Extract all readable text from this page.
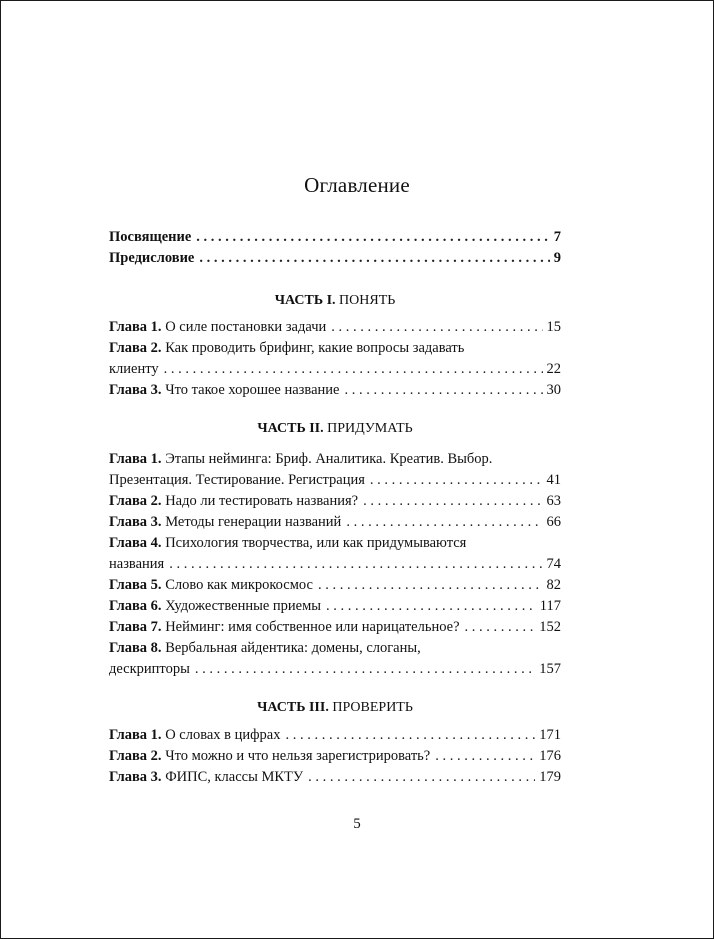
Оглавление
Посвящение . . .	7
Предисловие . . .	9
ЧАСТЬ I. ПОНЯТЬ
Глава 1. О силе постановки задачи . . .	15
Глава 2. Как проводить брифинг, какие вопросы задавать
клиенту . . .	22
Глава 3. Что такое хорошее название . . .	30
ЧАСТЬ II. ПРИДУМАТЬ
Глава 1. Этапы нейминга: Бриф. Аналитика. Креатив. Выбор.
Презентация. Тестирование. Регистрация . . .	41
Глава 2. Надо ли тестировать названия? . . .	63
Глава 3. Методы генерации названий . . .	66
Глава 4. Психология творчества, или как придумываются
названия . . .	74
Глава 5. Слово как микрокосмос . . .	82
Глава 6. Художественные приемы . . .	117
Глава 7. Нейминг: имя собственное или нарицательное? . . .	152
Глава 8. Вербальная айдентика: домены, слоганы,
дескрипторы . . .	157
ЧАСТЬ III. ПРОВЕРИТЬ
Глава 1. О словах в цифрах . . .	171
Глава 2. Что можно и что нельзя зарегистрировать? . . .	176
Глава 3. ФИПС, классы МКТУ . . .	179
5
